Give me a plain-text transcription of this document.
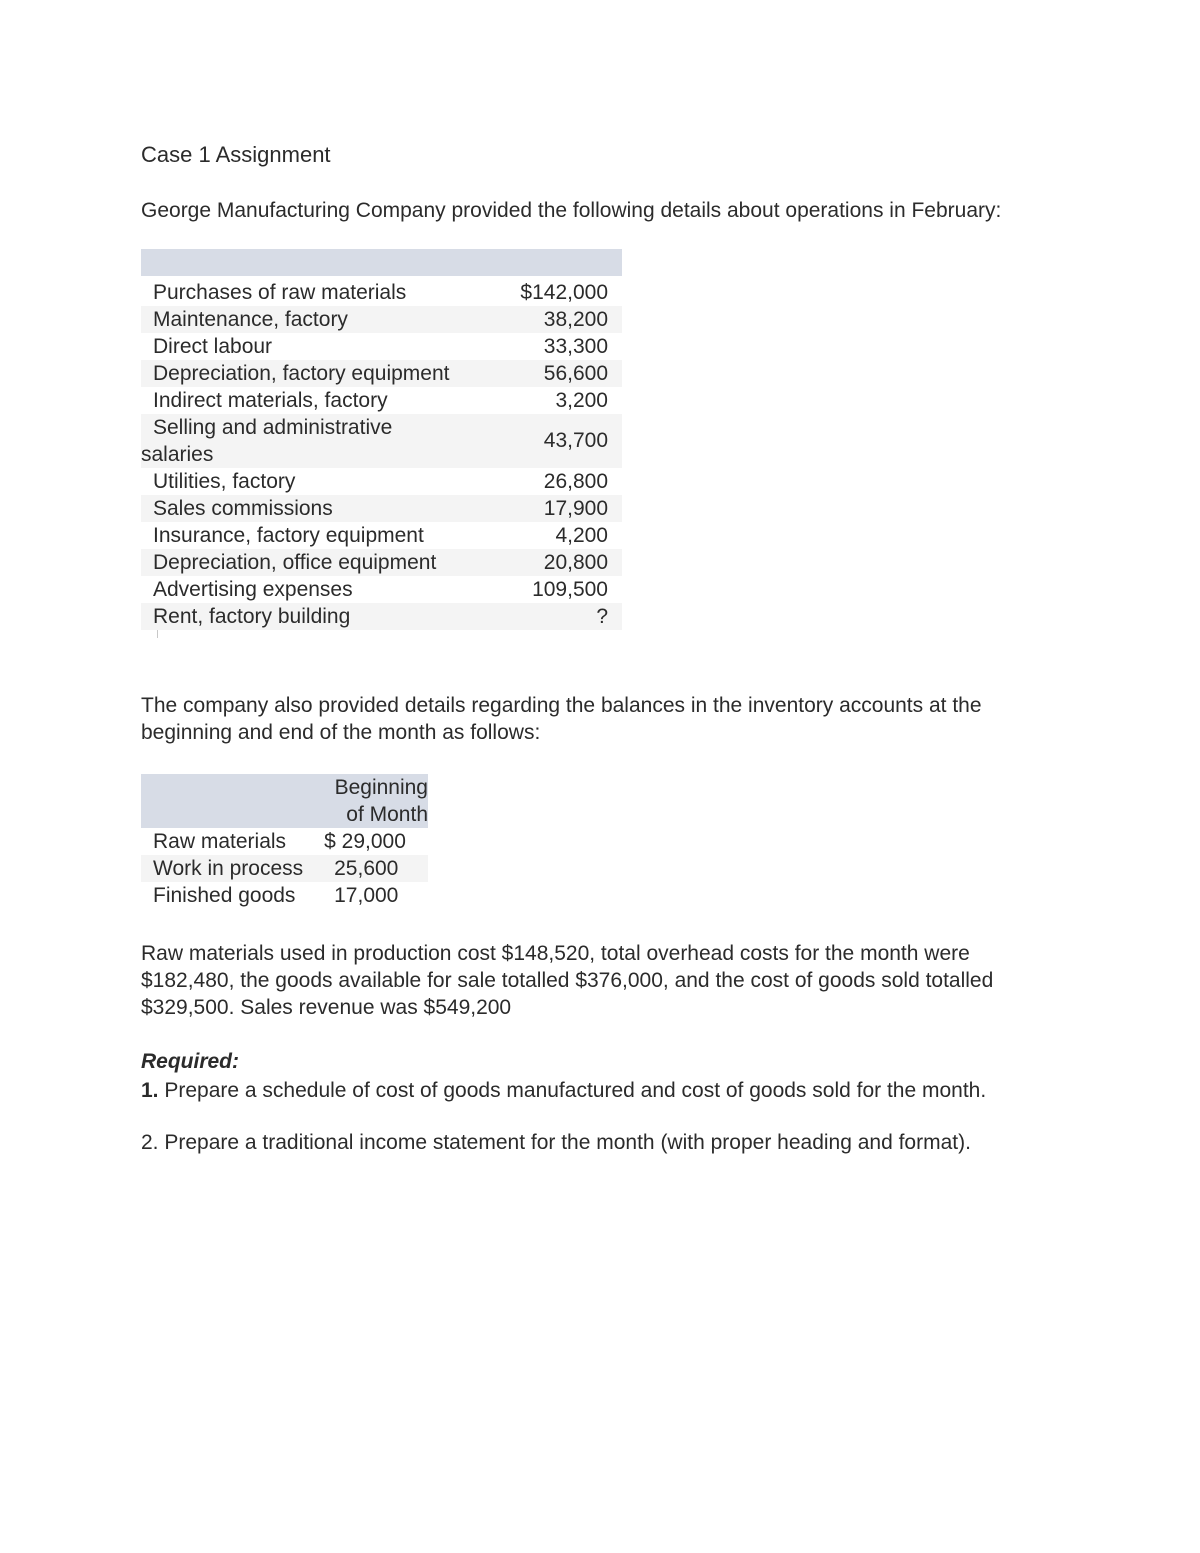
Case 1 Assignment

George Manufacturing Company provided the following details about operations in February:

Purchases of raw materials	$142,000
Maintenance, factory	38,200
Direct labour	33,300
Depreciation, factory equipment	56,600
Indirect materials, factory	3,200
Selling and administrative salaries	43,700
Utilities, factory	26,800
Sales commissions	17,900
Insurance, factory equipment	4,200
Depreciation, office equipment	20,800
Advertising expenses	109,500
Rent, factory building	?

The company also provided details regarding the balances in the inventory accounts at the beginning and end of the month as follows:

	Beginning of Month
Raw materials	$ 29,000
Work in process	25,600
Finished goods	17,000

Raw materials used in production cost $148,520, total overhead costs for the month were $182,480, the goods available for sale totalled $376,000, and the cost of goods sold totalled $329,500. Sales revenue was $549,200

Required:
1. Prepare a schedule of cost of goods manufactured and cost of goods sold for the month.
2. Prepare a traditional income statement for the month (with proper heading and format).
